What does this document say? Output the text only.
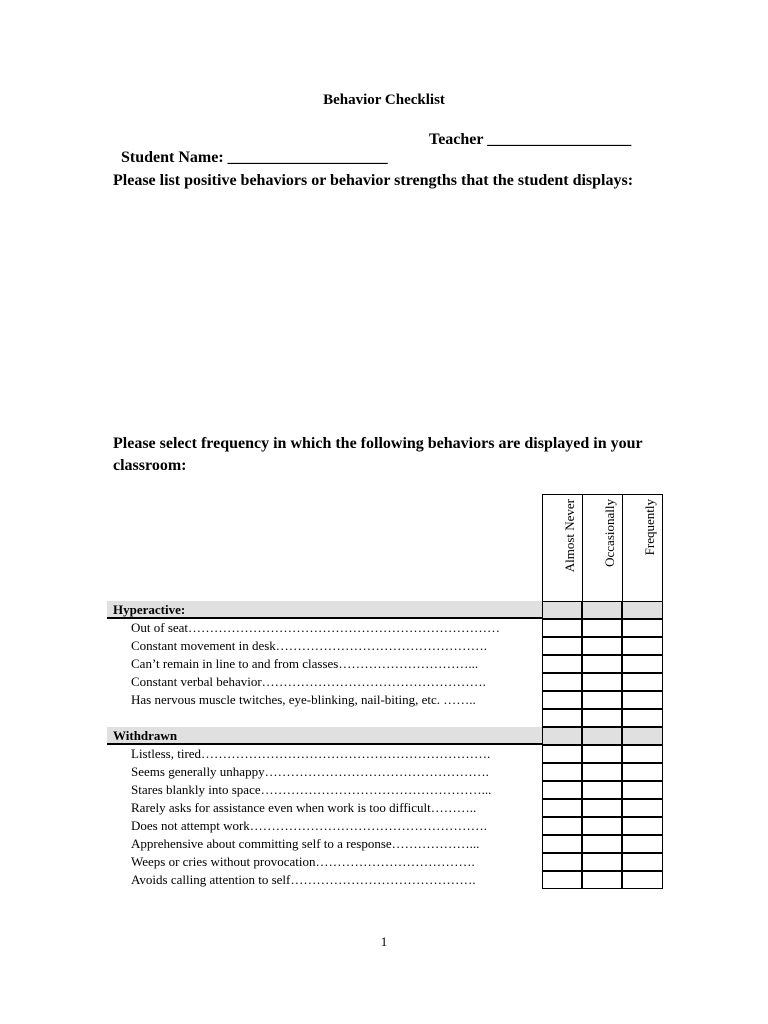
Behavior Checklist

Student Name: ____________________

Teacher __________________

Please list positive behaviors or behavior strengths that the student displays:
Please select frequency in which the following behaviors are displayed in your classroom:
Almost Never Occasionally Frequently
Hyperactive:
Out of seat………………………………………………………………
Constant movement in desk………………………………………….
Can’t remain in line to and from classes…………………………...
Constant verbal behavior…………………………………………….
Has nervous muscle twitches, eye-blinking, nail-biting, etc. ……..
Withdrawn
Listless, tired………………………………………………………….
Seems generally unhappy…………………………………………….
Stares blankly into space……………………………………………...
Rarely asks for assistance even when work is too difficult………..
Does not attempt work……………………………………………….
Apprehensive about committing self to a response………………...
Weeps or cries without provocation……………………………….
Avoids calling attention to self…………………………………….
1
